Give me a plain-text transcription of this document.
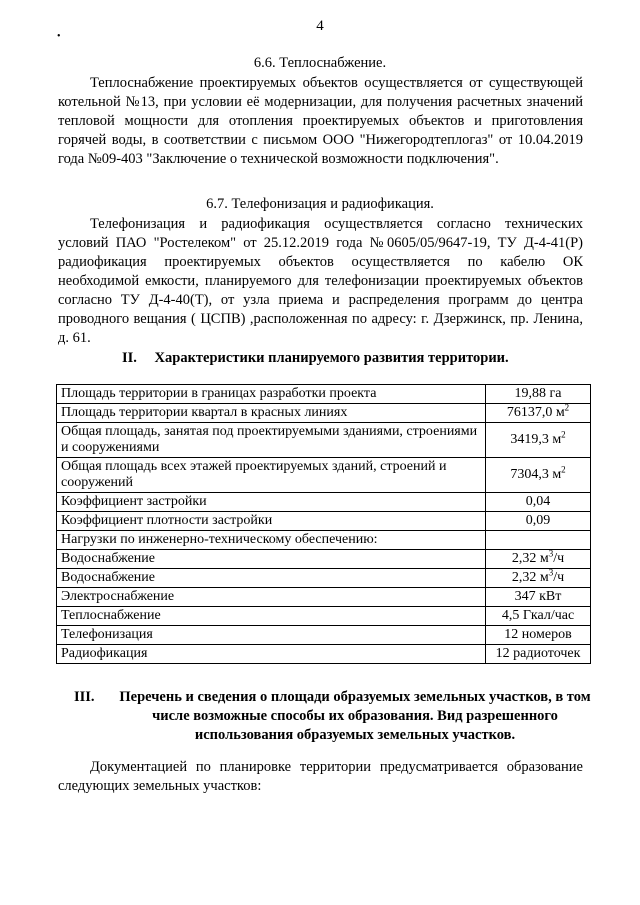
4
•
6.6. Теплоснабжение.

Теплоснабжение проектируемых объектов осуществляется от существующей котельной №13, при условии её модернизации, для получения расчетных значений тепловой мощности для отопления проектируемых объектов и приготовления горячей воды, в соответствии с письмом ООО "Нижегородтеплогаз" от 10.04.2019 года №09-403 "Заключение о технической возможности подключения".

6.7. Телефонизация и радиофикация.

Телефонизация и радиофикация осуществляется согласно технических условий ПАО "Ростелеком" от 25.12.2019 года №0605/05/9647-19, ТУ Д-4-41(Р) радиофикация проектируемых объектов осуществляется по кабелю ОК необходимой емкости, планируемого для телефонизации проектируемых объектов согласно ТУ Д-4-40(Т), от узла приема и распределения программ до центра проводного вещания ( ЦСПВ) ,расположенная по адресу: г. Дзержинск, пр. Ленина, д. 61.

II. Характеристики планируемого развития территории.
Площадь территории в границах разработки проекта	19,88 га
Площадь территории квартал в красных линиях	76137,0 $м^2$
Общая площадь, занятая под проектируемыми зданиями, строениями и сооружениями	3419,3 $м^2$
Общая площадь всех этажей проектируемых зданий, строений и сооружений	7304,3 $м^2$
Коэффициент застройки	0,04
Коэффициент плотности застройки	0,09
Нагрузки по инженерно-техническому обеспечению:	
Водоснабжение	2,32 $м^3/ч$
Водоснабжение	2,32 $м^3/ч$
Электроснабжение	347 кВт
Теплоснабжение	4,5 Гкал/час
Телефонизация	12 номеров
Радиофикация	12 радиоточек
III.	Перечень и сведения о площади образуемых земельных участков, в том числе возможные способы их образования. Вид разрешенного использования образуемых земельных участков.

Документацией по планировке территории предусматривается образование следующих земельных участков:
